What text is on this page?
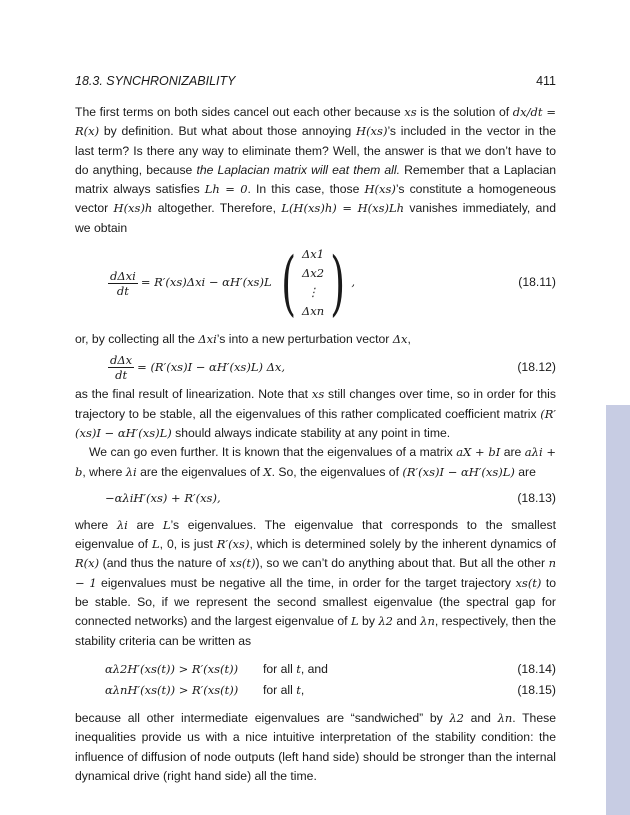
18.3. SYNCHRONIZABILITY	411

The first terms on both sides cancel out each other because xs is the solution of dx/dt = R(x) by definition. But what about those annoying H(xs)’s included in the vector in the last term? Is there any way to eliminate them? Well, the answer is that we don’t have to do anything, because the Laplacian matrix will eat them all. Remember that a Laplacian matrix always satisfies Lh = 0. In this case, those H(xs)’s constitute a homogeneous vector H(xs)h altogether. Therefore, L(H(xs)h) = H(xs)Lh vanishes immediately, and we obtain

$\frac{\text{dΔxi}}{dt} = R'(xs)\Delta xi - \alpha H'(xs)L$ ( Δx1
Δx2
⋮
Δxn ) ,	(18.11)

or, by collecting all the Δxi’s into a new perturbation vector Δx,

$\frac{\text{dΔx}}{dt} = (R'(xs)I - \alpha H'(xs)L)$ Δx,	(18.12)

as the final result of linearization. Note that xs still changes over time, so in order for this trajectory to be stable, all the eigenvalues of this rather complicated coefficient matrix (R′(xs)I − αH′(xs)L) should always indicate stability at any point in time.

We can go even further. It is known that the eigenvalues of a matrix aX + bI are aλi + b, where λi are the eigenvalues of X. So, the eigenvalues of (R′(xs)I − αH′(xs)L) are

−αλiH′(xs) + R′(xs),	(18.13)

where λi are L’s eigenvalues. The eigenvalue that corresponds to the smallest eigenvalue of L, 0, is just R′(xs), which is determined solely by the inherent dynamics of R(x) (and thus the nature of xs(t)), so we can’t do anything about that. But all the other n − 1 eigenvalues must be negative all the time, in order for the target trajectory xs(t) to be stable. So, if we represent the second smallest eigenvalue (the spectral gap for connected networks) and the largest eigenvalue of L by λ2 and λn, respectively, then the stability criteria can be written as

αλ2H′(xs(t)) > R′(xs(t))	for all t, and	(18.14)
αλnH′(xs(t)) > R′(xs(t))	for all t,	(18.15)

because all other intermediate eigenvalues are “sandwiched” by λ2 and λn. These inequalities provide us with a nice intuitive interpretation of the stability condition: the influence of diffusion of node outputs (left hand side) should be stronger than the internal dynamical drive (right hand side) all the time.
